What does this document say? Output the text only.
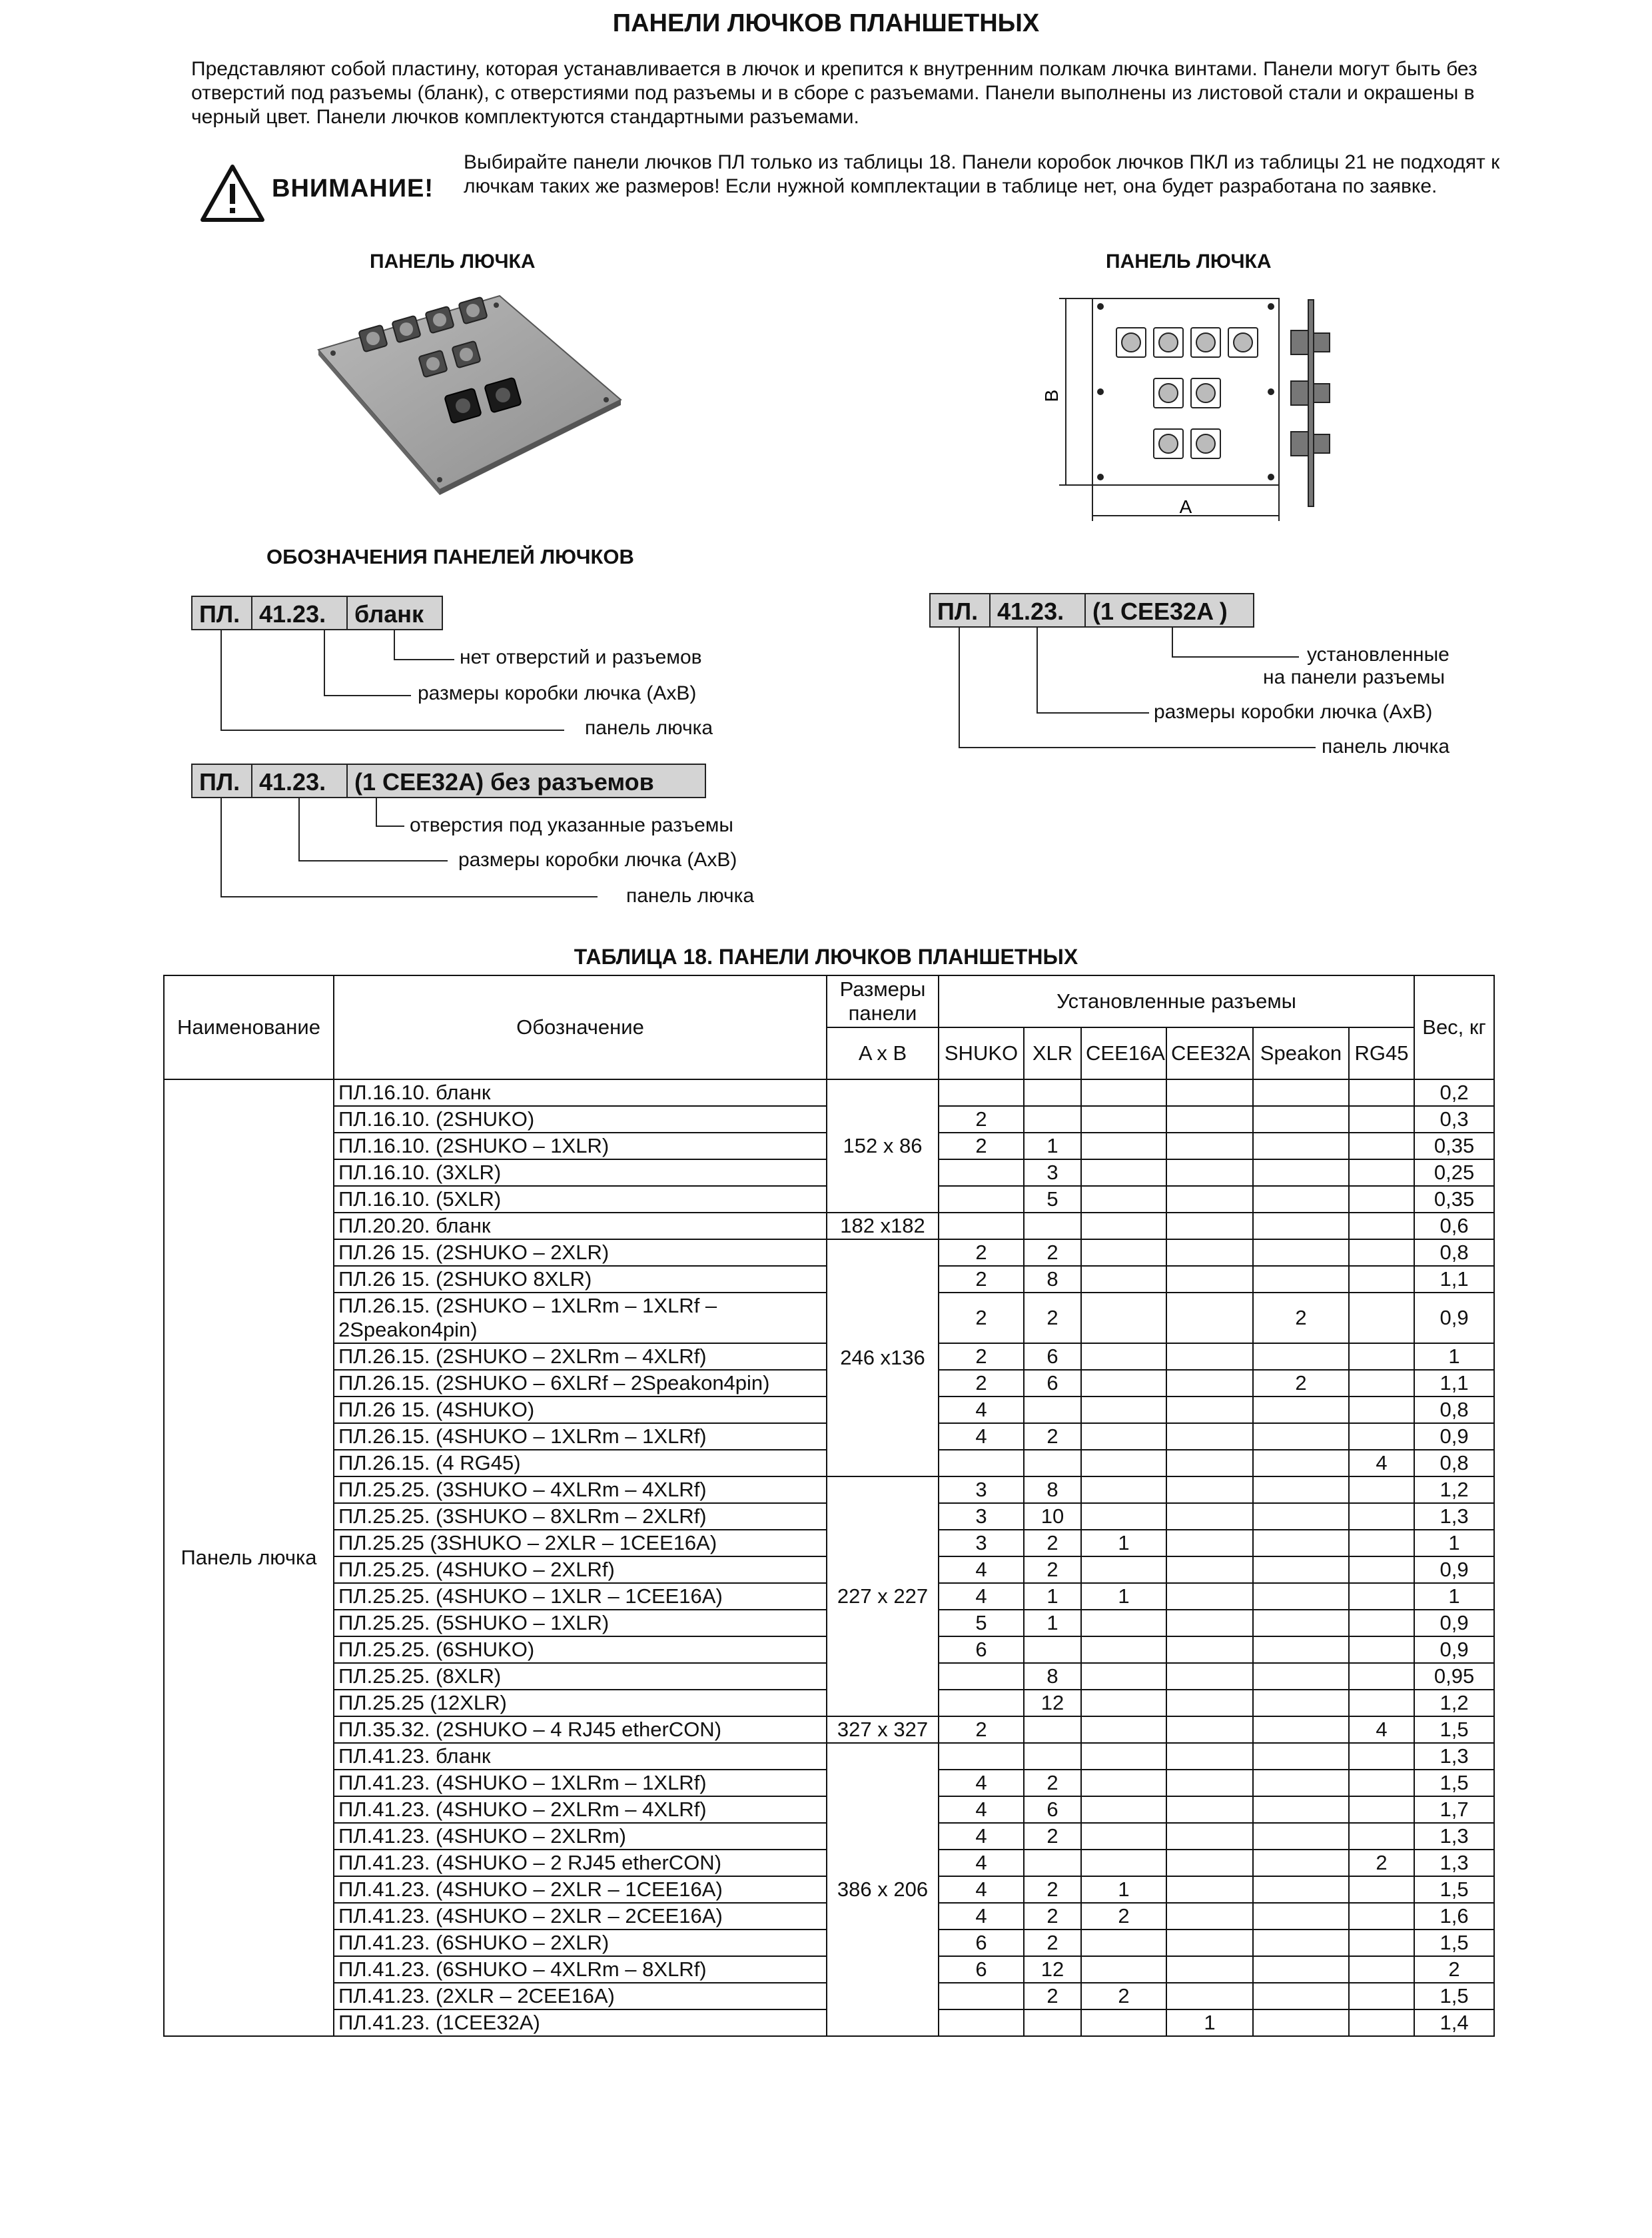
ПАНЕЛИ ЛЮЧКОВ ПЛАНШЕТНЫХ
Представляют собой пластину, которая устанавливается в лючок и крепится к внутренним полкам лючка винтами. Панели могут быть без отверстий под разъемы (бланк), с отверстиями под разъемы и в сборе с разъемами. Панели выполнены из листовой стали и окрашены в черный цвет. Панели лючков комплектуются стандартными разъемами.
ВНИМАНИЕ!
Выбирайте панели лючков ПЛ только из таблицы 18. Панели коробок лючков ПКЛ из таблицы 21 не подходят к лючкам таких же размеров! Если нужной комплектации в таблице нет, она будет разработана по заявке.
ПАНЕЛЬ ЛЮЧКА	ПАНЕЛЬ ЛЮЧКА
B
A
ОБОЗНАЧЕНИЯ ПАНЕЛЕЙ ЛЮЧКОВ
ПЛ. 41.23.	бланк
нет отверстий и разъемов
размеры коробки лючка (АхВ)
панель лючка
ПЛ. 41.23.	(1 CEE32A) без разъемов
отверстия под указанные разъемы
размеры коробки лючка (АхВ)
панель лючка
ПЛ. 41.23.	(1 CEE32A )
установленные
на панели разъемы
размеры коробки лючка (АхВ)
панель лючка
ТАБЛИЦА 18. ПАНЕЛИ ЛЮЧКОВ ПЛАНШЕТНЫХ
Наименование	Обозначение	Размеры панели	Установленные разъемы						Вес, кг
		A x B	SHUKO	XLR	CEE16A	CEE32A	Speakon	RG45	
Панель лючка	ПЛ.16.10. бланк	152 x 86							0,2
	ПЛ.16.10. (2SHUKO)		2						0,3
	ПЛ.16.10. (2SHUKO – 1XLR)		2	1					0,35
	ПЛ.16.10. (3XLR)			3					0,25
	ПЛ.16.10. (5XLR)			5					0,35
	ПЛ.20.20. бланк	182 x182							0,6
	ПЛ.26 15. (2SHUKO – 2XLR)	246 x136	2	2					0,8
	ПЛ.26 15. (2SHUKO 8XLR)		2	8					1,1
	ПЛ.26.15. (2SHUKO – 1XLRm – 1XLRf – 2Speakon4pin)		2	2			2		0,9
	ПЛ.26.15. (2SHUKO – 2XLRm – 4XLRf)		2	6					1
	ПЛ.26.15. (2SHUKO – 6XLRf – 2Speakon4pin)		2	6			2		1,1
	ПЛ.26 15. (4SHUKO)		4						0,8
	ПЛ.26.15. (4SHUKO – 1XLRm – 1XLRf)		4	2					0,9
	ПЛ.26.15. (4 RG45)							4	0,8
	ПЛ.25.25. (3SHUKO – 4XLRm – 4XLRf)	227 x 227	3	8					1,2
	ПЛ.25.25. (3SHUKO – 8XLRm – 2XLRf)		3	10					1,3
	ПЛ.25.25 (3SHUKO – 2XLR – 1CEE16A)		3	2	1				1
	ПЛ.25.25. (4SHUKO – 2XLRf)		4	2					0,9
	ПЛ.25.25. (4SHUKO – 1XLR – 1CEE16A)		4	1	1				1
	ПЛ.25.25. (5SHUKO – 1XLR)		5	1					0,9
	ПЛ.25.25. (6SHUKO)		6						0,9
	ПЛ.25.25. (8XLR)			8					0,95
	ПЛ.25.25 (12XLR)			12					1,2
	ПЛ.35.32. (2SHUKO – 4 RJ45 etherCON)	327 x 327	2					4	1,5
	ПЛ.41.23. бланк	386 x 206							1,3
	ПЛ.41.23. (4SHUKO – 1XLRm – 1XLRf)		4	2					1,5
	ПЛ.41.23. (4SHUKO – 2XLRm – 4XLRf)		4	6					1,7
	ПЛ.41.23. (4SHUKO – 2XLRm)		4	2					1,3
	ПЛ.41.23. (4SHUKO – 2 RJ45 etherCON)		4					2	1,3
	ПЛ.41.23. (4SHUKO – 2XLR – 1CEE16A)		4	2	1				1,5
	ПЛ.41.23. (4SHUKO – 2XLR – 2CEE16A)		4	2	2				1,6
	ПЛ.41.23. (6SHUKO – 2XLR)		6	2					1,5
	ПЛ.41.23. (6SHUKO – 4XLRm – 8XLRf)		6	12					2
	ПЛ.41.23. (2XLR – 2CEE16A)			2	2				1,5
	ПЛ.41.23. (1CEE32A)					1			1,4
